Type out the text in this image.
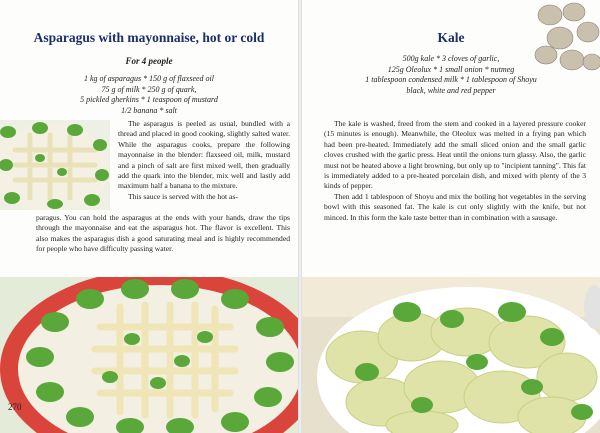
Asparagus with mayonnaise, hot or cold
For 4 people
1 kg of asparagus * 150 g of flaxseed oil
75 g of milk * 250 g of quark,
5 pickled gherkins * 1 teaspoon of mustard
1/2 banana * salt

The asparagus is peeled as usual, bundled with a thread and placed in good cooking, slightly salted water. While the asparagus cooks, prepare the following mayonnaise in the blender: flaxseed oil, milk, mustard and a pinch of salt are first mixed well, then gradually add the quark into the blender, mix well and lastly add maximum half a banana to the mixture.

This sauce is served with the hot as-

paragus. You can hold the asparagus at the ends with your hands, draw the tips through the mayonnaise and eat the asparagus hot. The flavor is excellent. This also makes the asparagus dish a good saturating meal and is highly recommended for people who have difficulty passing water.

270
Kale
500g kale * 3 cloves of garlic,
125g Oleolux * 1 small onion * nutmeg
1 tablespoon condensed milk * 1 tablespoon of Shoyu
black, white and red pepper

The kale is washed, freed from the stem and cooked in a layered pressure cooker (15 minutes is enough). Meanwhile, the Oleolux was melted in a frying pan which had been pre-heated. Immediately add the small sliced onion and the small garlic cloves crushed with the garlic press. Heat until the onions turn glassy. Also, the garlic must not be heated above a light browning, but only up to "incipient tanning". This fat is immediately added to a pre-heated porcelain dish, and mixed with plenty of the 3 kinds of pepper.

Then add 1 tablespoon of Shoyu and mix the boiling hot vegetables in the serving bowl with this seasoned fat. The kale is cut only slightly with the knife, but not minced. In this form the kale taste better than in combination with a sausage.
